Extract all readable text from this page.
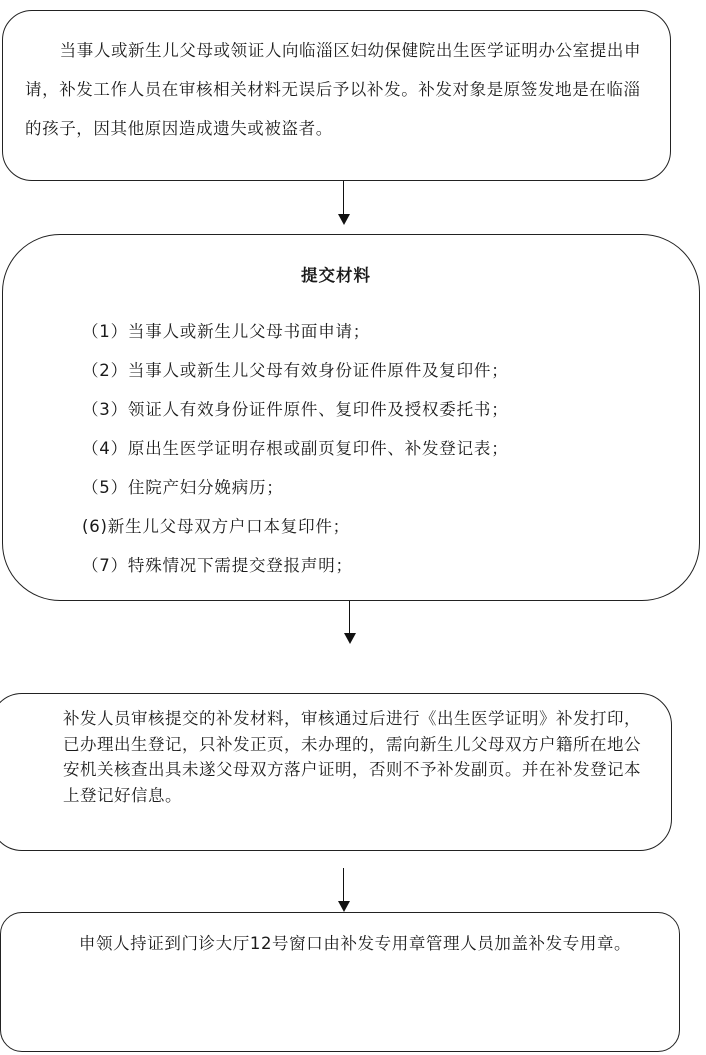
当事人或新生儿父母或领证人向临淄区妇幼保健院出生医学证明办公室提出申请，补发工作人员在审核相关材料无误后予以补发。补发对象是原签发地是在临淄的孩子，因其他原因造成遗失或被盗者。

提交材料
（1）当事人或新生儿父母书面申请；
（2）当事人或新生儿父母有效身份证件原件及复印件；
（3）领证人有效身份证件原件、复印件及授权委托书；
（4）原出生医学证明存根或副页复印件、补发登记表；
（5）住院产妇分娩病历；
(6)新生儿父母双方户口本复印件；
（7）特殊情况下需提交登报声明；

补发人员审核提交的补发材料，审核通过后进行《出生医学证明》补发打印，已办理出生登记，只补发正页，未办理的，需向新生儿父母双方户籍所在地公安机关核查出具未遂父母双方落户证明，否则不予补发副页。并在补发登记本上登记好信息。

申领人持证到门诊大厅12号窗口由补发专用章管理人员加盖补发专用章。
